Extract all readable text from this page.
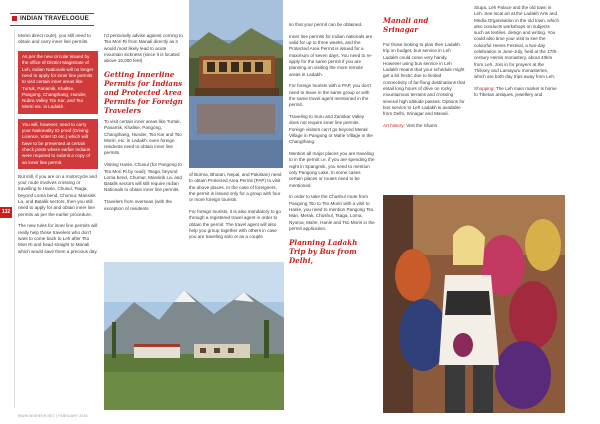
INDIAN TRAVELOGUE
132

Morini direct route), you still need to obtain and carry inner line permits.

As per the new circular issued by the office of District Magistrate of Leh, Indian Nationals will no longer need to apply for inner line permits to visit certain inner areas like Turtuk, Panamik, Khaltse, Pangong, Changthang, Hunder, Nubra Valley Tso Kar, and Tso Moriri etc. in Ladakh.
You will, however, need to carry your Nationality ID proof (Driving Licence, Voter ID etc.) which will have to be presented at certain check posts where earlier Indians were required to submit a copy of an inner line permit.

But still, if you are on a motorcycle and your route involves crossing or travelling to Hanle, Chusul, Tsaga, beyond Loma bend, Chumur, Mansirik La, and Batalik sectors, then you still need to apply for and obtain inner line permits as per the earlier procedure.

The new rules for inner line permits will really help those travelers who don't want to come back to Leh after Tso Mori Ri and head straight to Manali which would save them a precious day.

I'd personally advise against coming to Tso Mori Ri from Manali directly as it would most likely lead to acute mountain sickness (since it is located above 15,000 feet)

Getting Innerline Permits for Indians and Protected Area Permits for Foreign Travelers

To visit certain inner areas like Turtuk, Panamik, Khaltse, Pangong, Changthang, Hunder, Tso Kar and Tso Moriri, etc. in Ladakh, even foreign residents need to obtain inner line permits.

Visiting Hanle, Chusul (for Pangong to Tso Mori Ri by road), Tsaga, beyond Loma bend, Chumur, Mansirik La, and Batalik sectors will still require Indian Nationals to obtain inner line permits.

Travelers from overseas (with the exception of residents

of Burma, Bhutan, Nepal, and Pakistan) need to obtain Protected Area Permit (PAP) to visit the above places. In the case of foreigners, the permit is issued only for a group with four or more foreign tourists.

For foreign tourists, it is also mandatory to go through a registered travel agent in order to obtain the permit. The travel agent will also help you group together with others in case you are traveling solo or as a couple

so that your permit can be obtained.

Inner line permits for Indian nationals are valid for up to three weeks, and the Protected Area Permit is issued for a maximum of seven days. You need to re-apply for the same permit if you are planning on visiting the more remote areas in Ladakh.

For foreign tourists with a PAP, you don't need to leave in the same group or with the same travel agent mentioned in the permit.

Traveling to Suru and Zanskar Valley does not require inner line permits. Foreign visitors can't go beyond Merak Village in Pangong or Mahe Village in the Changthang.

Mention all major places you are traveling to in the permit i.e. if you are spending the night in Spangmik, you need to mention only Pangong Lake. In some cases certain places or routes need to be mentioned.

In order to take the Chushul route from Pangong Tso to Tso Moriri with a visit to Hanle, you need to mention Pangong Tso, Man, Merak, Chushul, Tsaga, Loma, Nyoma, Mahe, Hanle and Tso Moriri in the permit application.

Planning Ladakh Trip by Bus from Delhi,
Manali and Srinagar

For those looking to plan their Ladakh trip on budget, bus service in Leh Ladakh could come very handy. However using bus service in Leh Ladakh means that your schedule might get a bit hectic due to limited connectivity of far-flung destinations that entail long hours of drive on rocky mountainous terrains and crossing several high altitude passes. Options for bus service to Leh Ladakh is available from Delhi, Srinagar and Manali.

Art history: Visit the Shanti

Stupa, Leh Palace and the old town in Leh. See local art at the Ladakh Arts and Media Organisation in the old town, which also conducts workshops on subjects such as textiles, design and writing. You could also time your visit to see the colourful Hemis Festival, a two-day celebration in June-July, held at the 17th-century Hemis monastery, about 40km from Leh. Join in for prayers at the Thiksey and Lamayuru monasteries, which are both day trips away from Leh.

Shopping: The Leh main market is home to Tibetan antiques, jewellery and

WWW.WISHESH.NET | FEBRUARY 2018
